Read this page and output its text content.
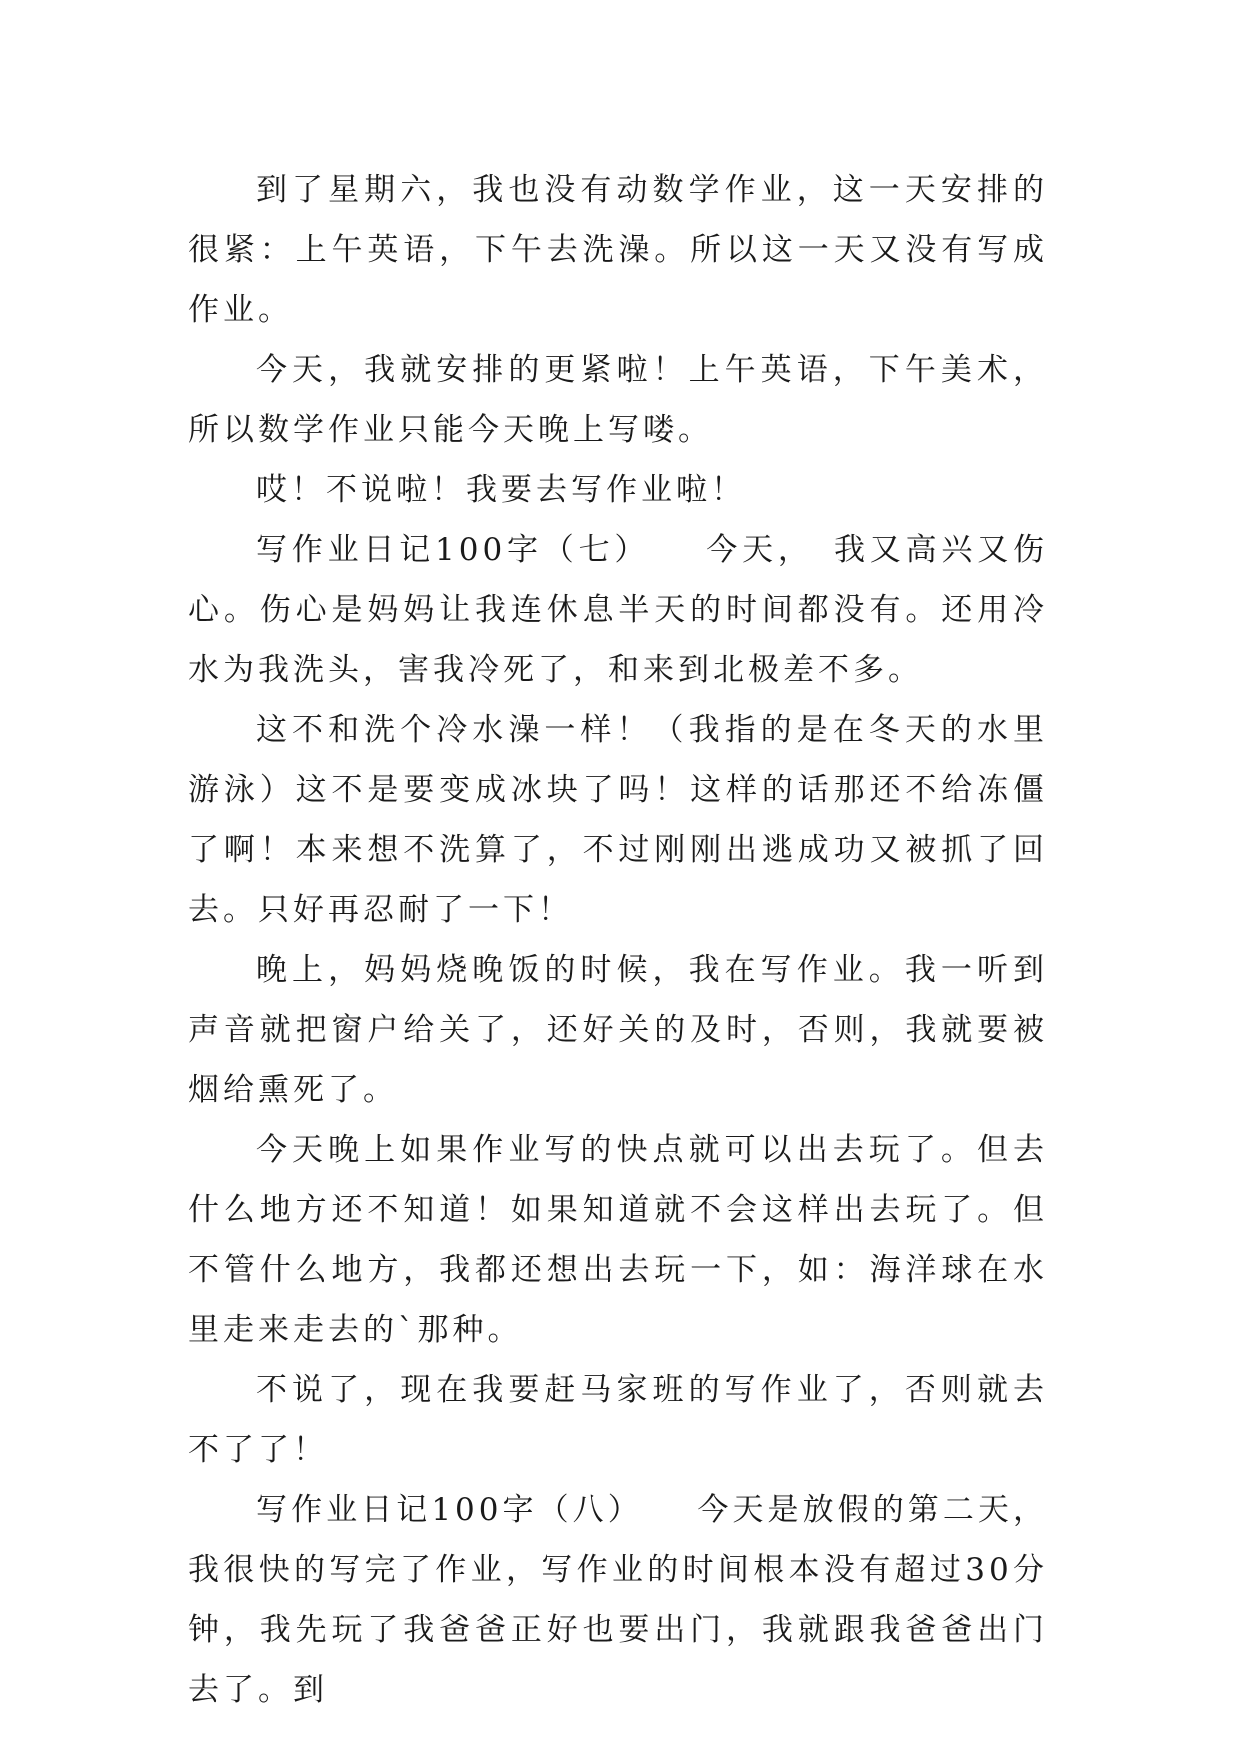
到了星期六，我也没有动数学作业，这一天安排的很紧：上午英语，下午去洗澡。所以这一天又没有写成作业。

今天，我就安排的更紧啦！上午英语，下午美术，所以数学作业只能今天晚上写喽。

哎！不说啦！我要去写作业啦！

写作业日记100字（七）　　今天，　我又高兴又伤心。伤心是妈妈让我连休息半天的时间都没有。还用冷水为我洗头，害我冷死了，和来到北极差不多。

这不和洗个冷水澡一样！（我指的是在冬天的水里游泳）这不是要变成冰块了吗！这样的话那还不给冻僵了啊！本来想不洗算了，不过刚刚出逃成功又被抓了回去。只好再忍耐了一下！

晚上，妈妈烧晚饭的时候，我在写作业。我一听到声音就把窗户给关了，还好关的及时，否则，我就要被烟给熏死了。

今天晚上如果作业写的快点就可以出去玩了。但去什么地方还不知道！如果知道就不会这样出去玩了。但不管什么地方，我都还想出去玩一下，如：海洋球在水里走来走去的`那种。

不说了，现在我要赶马家班的写作业了，否则就去不了了！

写作业日记100字（八）　　今天是放假的第二天，我很快的写完了作业，写作业的时间根本没有超过30分钟，我先玩了我爸爸正好也要出门，我就跟我爸爸出门去了。到
